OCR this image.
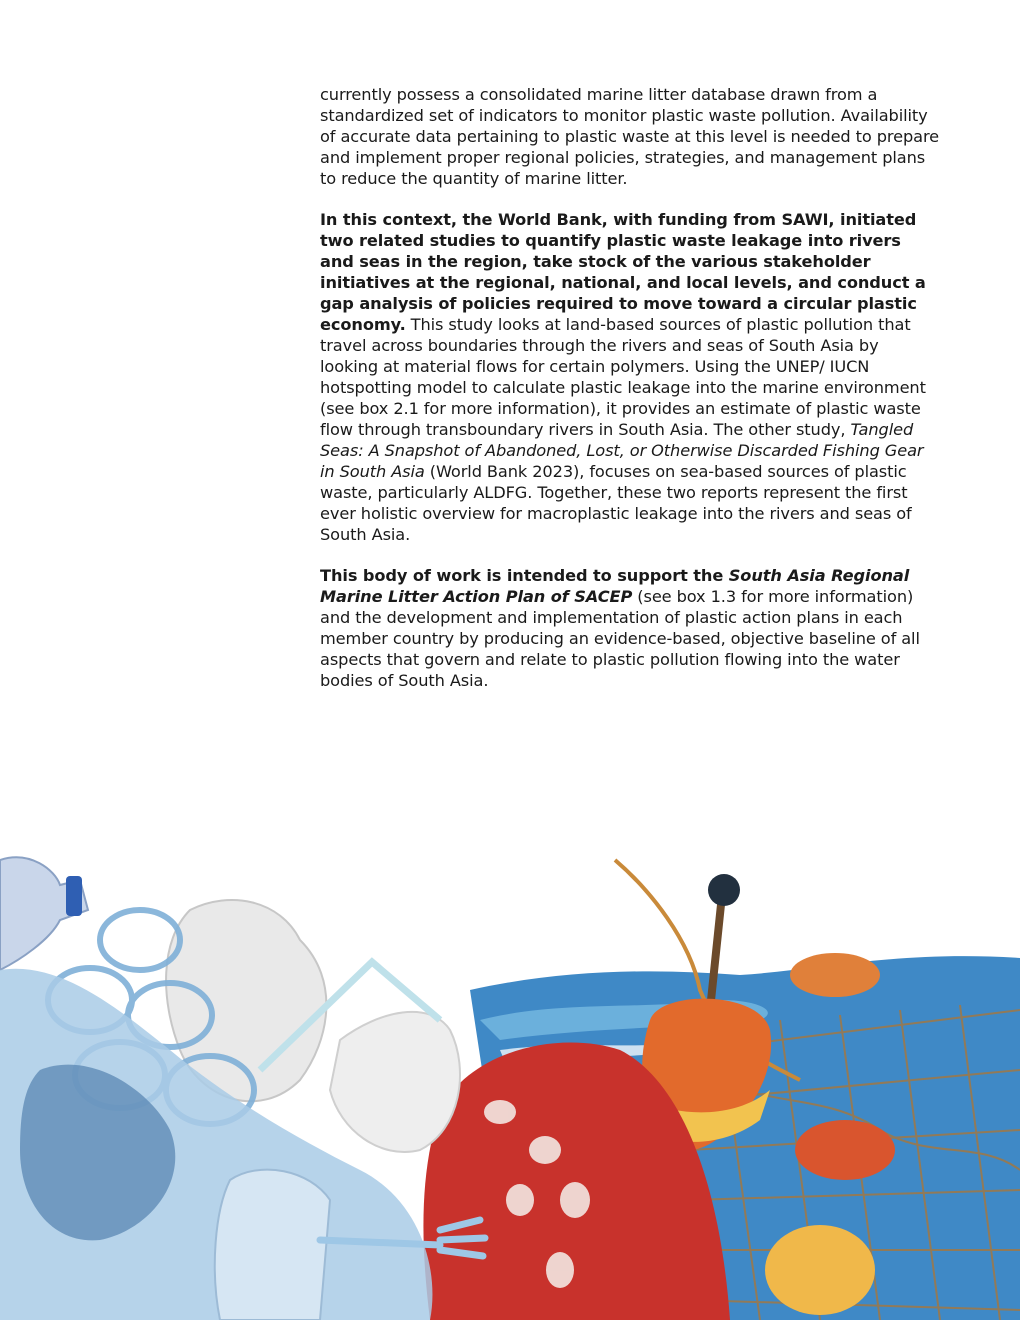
currently possess a consolidated marine litter database drawn from a standardized set of indicators to monitor plastic waste pollution. Availability of accurate data pertaining to plastic waste at this level is needed to prepare and implement proper regional policies, strategies, and management plans to reduce the quantity of marine litter.

In this context, the World Bank, with funding from SAWI, initiated two related studies to quantify plastic waste leakage into rivers and seas in the region, take stock of the various stakeholder initiatives at the regional, national, and local levels, and conduct a gap analysis of policies required to move toward a circular plastic economy. This study looks at land-based sources of plastic pollution that travel across boundaries through the rivers and seas of South Asia by looking at material flows for certain polymers. Using the UNEP/ IUCN hotspotting model to calculate plastic leakage into the marine environment (see box 2.1 for more information), it provides an estimate of plastic waste flow through transboundary rivers in South Asia. The other study, Tangled Seas: A Snapshot of Abandoned, Lost, or Otherwise Discarded Fishing Gear in South Asia (World Bank 2023), focuses on sea-based sources of plastic waste, particularly ALDFG. Together, these two reports represent the first ever holistic overview for macroplastic leakage into the rivers and seas of South Asia.

This body of work is intended to support the South Asia Regional Marine Litter Action Plan of SACEP (see box 1.3 for more information) and the development and implementation of plastic action plans in each member country by producing an evidence-based, objective baseline of all aspects that govern and relate to plastic pollution flowing into the water bodies of South Asia.
